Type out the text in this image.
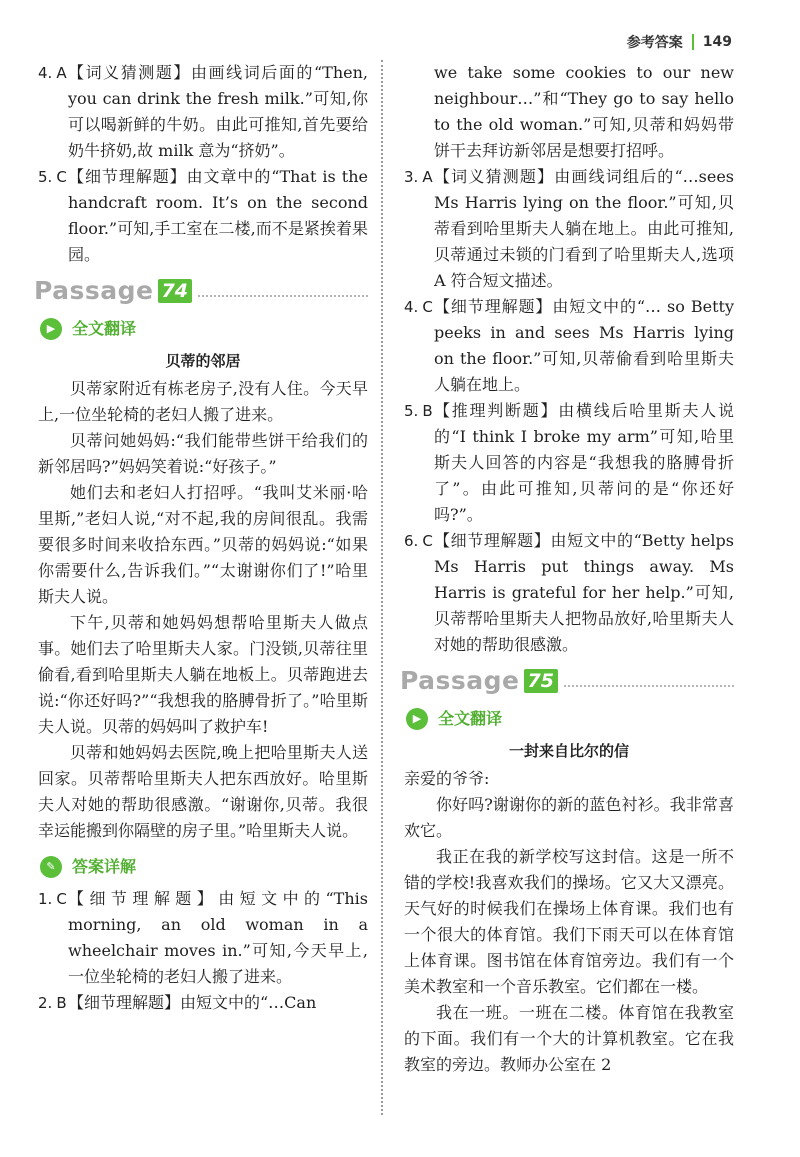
参考答案 149
4. A 【词义猜测题】由画线词后面的“Then, you can drink the fresh milk.”可知,你可以喝新鲜的牛奶。由此可推知,首先要给奶牛挤奶,故 milk 意为“挤奶”。
5. C 【细节理解题】由文章中的“That is the handcraft room. It’s on the second floor.”可知,手工室在二楼,而不是紧挨着果园。
Passage 74
▶	全文翻译
贝蒂的邻居

贝蒂家附近有栋老房子,没有人住。今天早上,一位坐轮椅的老妇人搬了进来。

贝蒂问她妈妈:“我们能带些饼干给我们的新邻居吗?”妈妈笑着说:“好孩子。”

她们去和老妇人打招呼。“我叫艾米丽·哈里斯,”老妇人说,“对不起,我的房间很乱。我需要很多时间来收拾东西。”贝蒂的妈妈说:“如果你需要什么,告诉我们。”“太谢谢你们了!”哈里斯夫人说。

下午,贝蒂和她妈妈想帮哈里斯夫人做点事。她们去了哈里斯夫人家。门没锁,贝蒂往里偷看,看到哈里斯夫人躺在地板上。贝蒂跑进去说:“你还好吗?”“我想我的胳膊骨折了。”哈里斯夫人说。贝蒂的妈妈叫了救护车!

贝蒂和她妈妈去医院,晚上把哈里斯夫人送回家。贝蒂帮哈里斯夫人把东西放好。哈里斯夫人对她的帮助很感激。“谢谢你,贝蒂。我很幸运能搬到你隔壁的房子里。”哈里斯夫人说。

✎	答案详解
1. C 【细节理解题】由短文中的“This morning, an old woman in a wheelchair moves in.”可知,今天早上,一位坐轮椅的老妇人搬了进来。
2. B 【细节理解题】由短文中的“…Can
we take some cookies to our new neighbour…”和“They go to say hello to the old woman.”可知,贝蒂和妈妈带饼干去拜访新邻居是想要打招呼。
3. A 【词义猜测题】由画线词组后的“…sees Ms Harris lying on the floor.”可知,贝蒂看到哈里斯夫人躺在地上。由此可推知,贝蒂通过未锁的门看到了哈里斯夫人,选项 A 符合短文描述。
4. C 【细节理解题】由短文中的“… so Betty peeks in and sees Ms Harris lying on the floor.”可知,贝蒂偷看到哈里斯夫人躺在地上。
5. B 【推理判断题】由横线后哈里斯夫人说的“I think I broke my arm”可知,哈里斯夫人回答的内容是“我想我的胳膊骨折了”。由此可推知,贝蒂问的是“你还好吗?”。
6. C 【细节理解题】由短文中的“Betty helps Ms Harris put things away. Ms Harris is grateful for her help.”可知,贝蒂帮哈里斯夫人把物品放好,哈里斯夫人对她的帮助很感激。
Passage 75
▶	全文翻译
一封来自比尔的信

亲爱的爷爷:

你好吗?谢谢你的新的蓝色衬衫。我非常喜欢它。

我正在我的新学校写这封信。这是一所不错的学校!我喜欢我们的操场。它又大又漂亮。天气好的时候我们在操场上体育课。我们也有一个很大的体育馆。我们下雨天可以在体育馆上体育课。图书馆在体育馆旁边。我们有一个美术教室和一个音乐教室。它们都在一楼。

我在一班。一班在二楼。体育馆在我教室的下面。我们有一个大的计算机教室。它在我教室的旁边。教师办公室在 2
